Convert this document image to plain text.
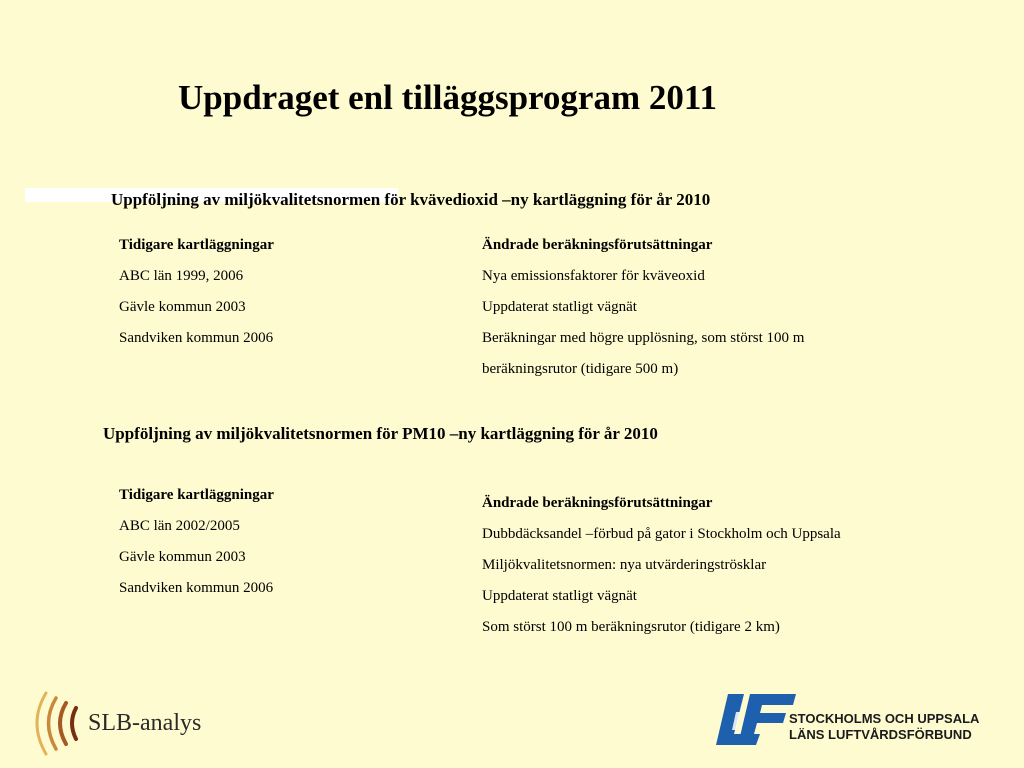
Uppdraget enl tilläggsprogram 2011
Uppföljning av miljökvalitetsnormen för kvävedioxid –ny kartläggning för år 2010
Tidigare kartläggningar
ABC län 1999, 2006
Gävle kommun 2003
Sandviken kommun 2006
Ändrade beräkningsförutsättningar
Nya emissionsfaktorer för kväveoxid
Uppdaterat statligt vägnät
Beräkningar med högre upplösning, som störst 100 m
beräkningsrutor (tidigare 500 m)
Uppföljning av miljökvalitetsnormen för PM10 –ny kartläggning för år 2010
Tidigare kartläggningar
ABC län 2002/2005
Gävle kommun 2003
Sandviken kommun 2006
Ändrade beräkningsförutsättningar
Dubbdäcksandel –förbud på gator i Stockholm och Uppsala
Miljökvalitetsnormen: nya utvärderingströsklar
Uppdaterat statligt vägnät
Som störst 100 m beräkningsrutor (tidigare 2 km)
SLB-analys	STOCKHOLMS OCH UPPSALA
LÄNS LUFTVÅRDSFÖRBUND
